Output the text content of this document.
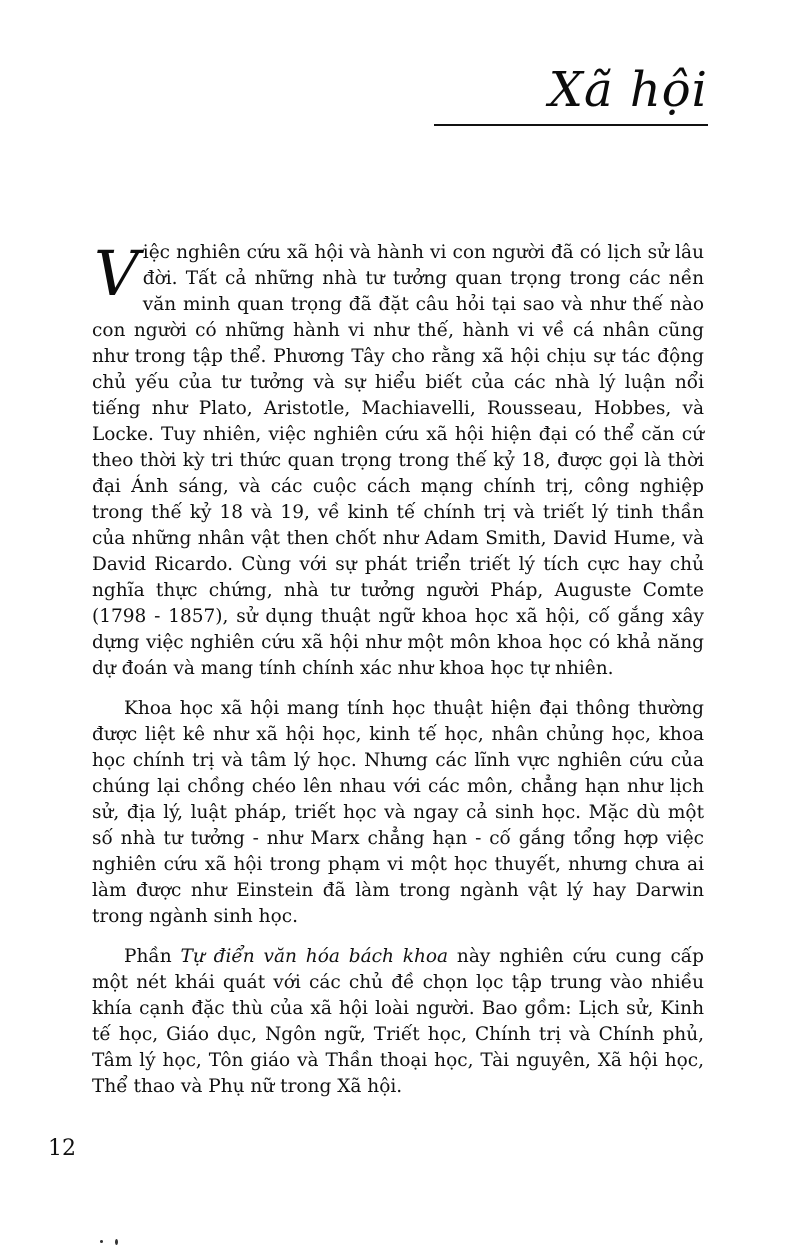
Xã hội

Việc nghiên cứu xã hội và hành vi con người đã có lịch sử lâu đời. Tất cả những nhà tư tưởng quan trọng trong các nền văn minh quan trọng đã đặt câu hỏi tại sao và như thế nào con người có những hành vi như thế, hành vi về cá nhân cũng như trong tập thể. Phương Tây cho rằng xã hội chịu sự tác động chủ yếu của tư tưởng và sự hiểu biết của các nhà lý luận nổi tiếng như Plato, Aristotle, Machiavelli, Rousseau, Hobbes, và Locke. Tuy nhiên, việc nghiên cứu xã hội hiện đại có thể căn cứ theo thời kỳ tri thức quan trọng trong thế kỷ 18, được gọi là thời đại Ánh sáng, và các cuộc cách mạng chính trị, công nghiệp trong thế kỷ 18 và 19, về kinh tế chính trị và triết lý tinh thần của những nhân vật then chốt như Adam Smith, David Hume, và David Ricardo. Cùng với sự phát triển triết lý tích cực hay chủ nghĩa thực chứng, nhà tư tưởng người Pháp, Auguste Comte (1798 - 1857), sử dụng thuật ngữ khoa học xã hội, cố gắng xây dựng việc nghiên cứu xã hội như một môn khoa học có khả năng dự đoán và mang tính chính xác như khoa học tự nhiên.

Khoa học xã hội mang tính học thuật hiện đại thông thường được liệt kê như xã hội học, kinh tế học, nhân chủng học, khoa học chính trị và tâm lý học. Nhưng các lĩnh vực nghiên cứu của chúng lại chồng chéo lên nhau với các môn, chẳng hạn như lịch sử, địa lý, luật pháp, triết học và ngay cả sinh học. Mặc dù một số nhà tư tưởng - như Marx chẳng hạn - cố gắng tổng hợp việc nghiên cứu xã hội trong phạm vi một học thuyết, nhưng chưa ai làm được như Einstein đã làm trong ngành vật lý hay Darwin trong ngành sinh học.

Phần Tự điển văn hóa bách khoa này nghiên cứu cung cấp một nét khái quát với các chủ đề chọn lọc tập trung vào nhiều khía cạnh đặc thù của xã hội loài người. Bao gồm: Lịch sử, Kinh tế học, Giáo dục, Ngôn ngữ, Triết học, Chính trị và Chính phủ, Tâm lý học, Tôn giáo và Thần thoại học, Tài nguyên, Xã hội học, Thể thao và Phụ nữ trong Xã hội.

12
